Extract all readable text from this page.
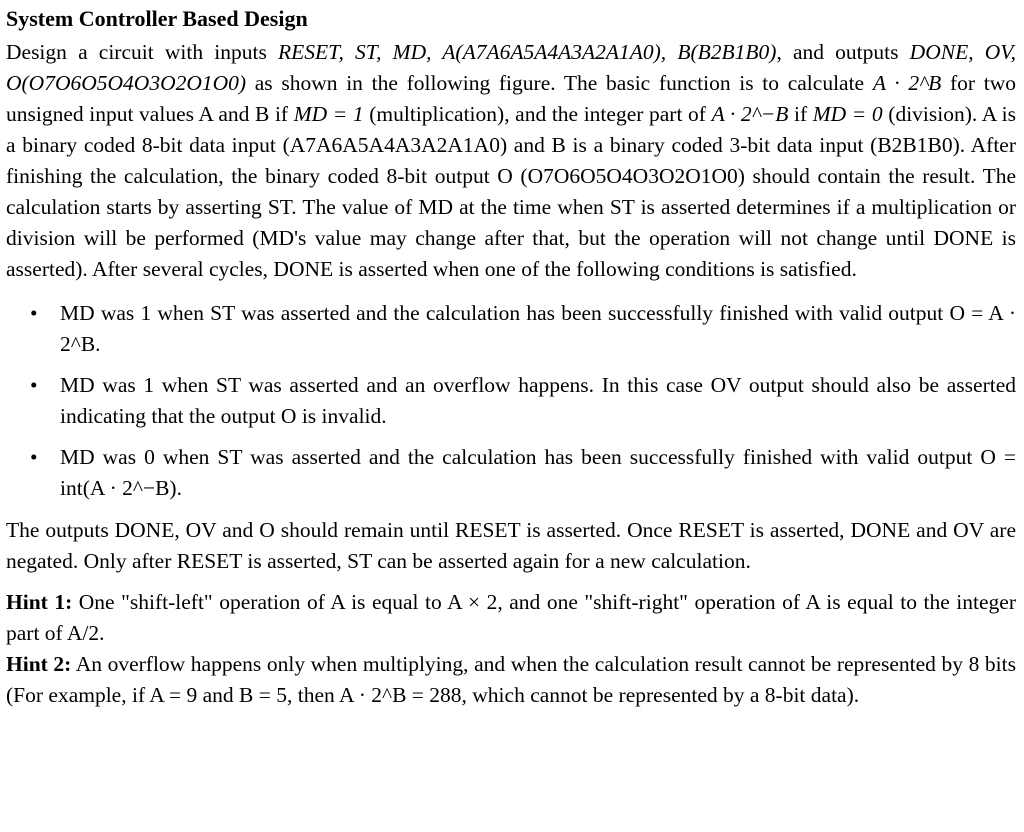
System Controller Based Design

Design a circuit with inputs RESET, ST, MD, A(A7A6A5A4A3A2A1A0), B(B2B1B0), and outputs DONE, OV, O(O7O6O5O4O3O2O1O0) as shown in the following figure. The basic function is to calculate A · 2^B for two unsigned input values A and B if MD = 1 (multiplication), and the integer part of A · 2^−B if MD = 0 (division). A is a binary coded 8-bit data input (A7A6A5A4A3A2A1A0) and B is a binary coded 3-bit data input (B2B1B0). After finishing the calculation, the binary coded 8-bit output O (O7O6O5O4O3O2O1O0) should contain the result. The calculation starts by asserting ST. The value of MD at the time when ST is asserted determines if a multiplication or division will be performed (MD's value may change after that, but the operation will not change until DONE is asserted). After several cycles, DONE is asserted when one of the following conditions is satisfied.

• MD was 1 when ST was asserted and the calculation has been successfully finished with valid output O = A · 2^B.
• MD was 1 when ST was asserted and an overflow happens. In this case OV output should also be asserted indicating that the output O is invalid.
• MD was 0 when ST was asserted and the calculation has been successfully finished with valid output O = int(A · 2^−B).

The outputs DONE, OV and O should remain until RESET is asserted. Once RESET is asserted, DONE and OV are negated. Only after RESET is asserted, ST can be asserted again for a new calculation.

Hint 1: One "shift-left" operation of A is equal to A × 2, and one "shift-right" operation of A is equal to the integer part of A/2.

Hint 2: An overflow happens only when multiplying, and when the calculation result cannot be represented by 8 bits (For example, if A = 9 and B = 5, then A · 2^B = 288, which cannot be represented by a 8-bit data).
